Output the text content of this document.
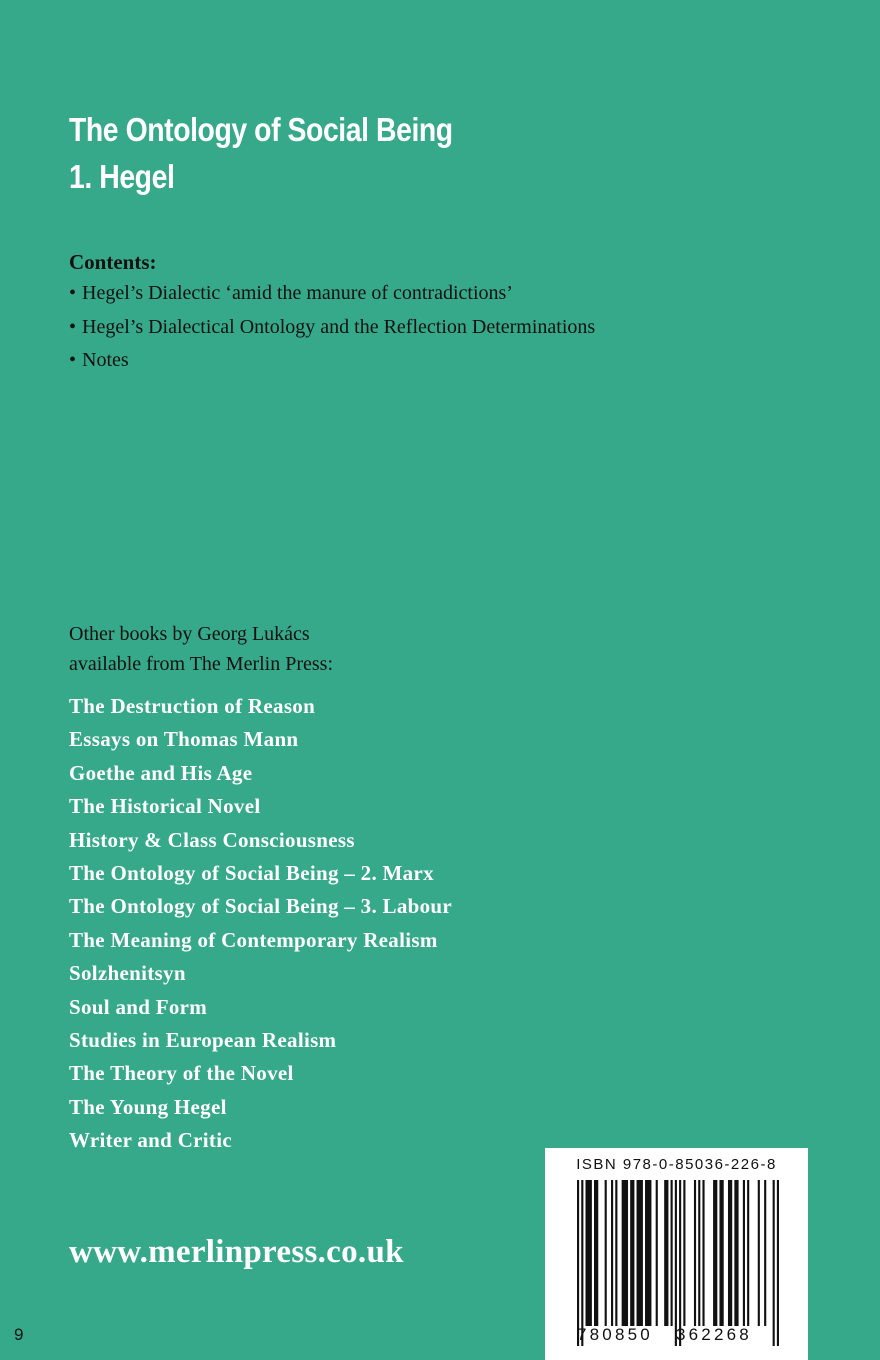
The Ontology of Social Being
1. Hegel
Contents:
• Hegel’s Dialectic ‘amid the manure of contradictions’
• Hegel’s Dialectical Ontology and the Reflection Determinations
• Notes
Other books by Georg Lukács
available from The Merlin Press:
The Destruction of Reason
Essays on Thomas Mann
Goethe and His Age
The Historical Novel
History & Class Consciousness
The Ontology of Social Being – 2. Marx
The Ontology of Social Being – 3. Labour
The Meaning of Contemporary Realism
Solzhenitsyn
Soul and Form
Studies in European Realism
The Theory of the Novel
The Young Hegel
Writer and Critic
www.merlinpress.co.uk
ISBN 978-0-85036-226-8
9	780850 362268
